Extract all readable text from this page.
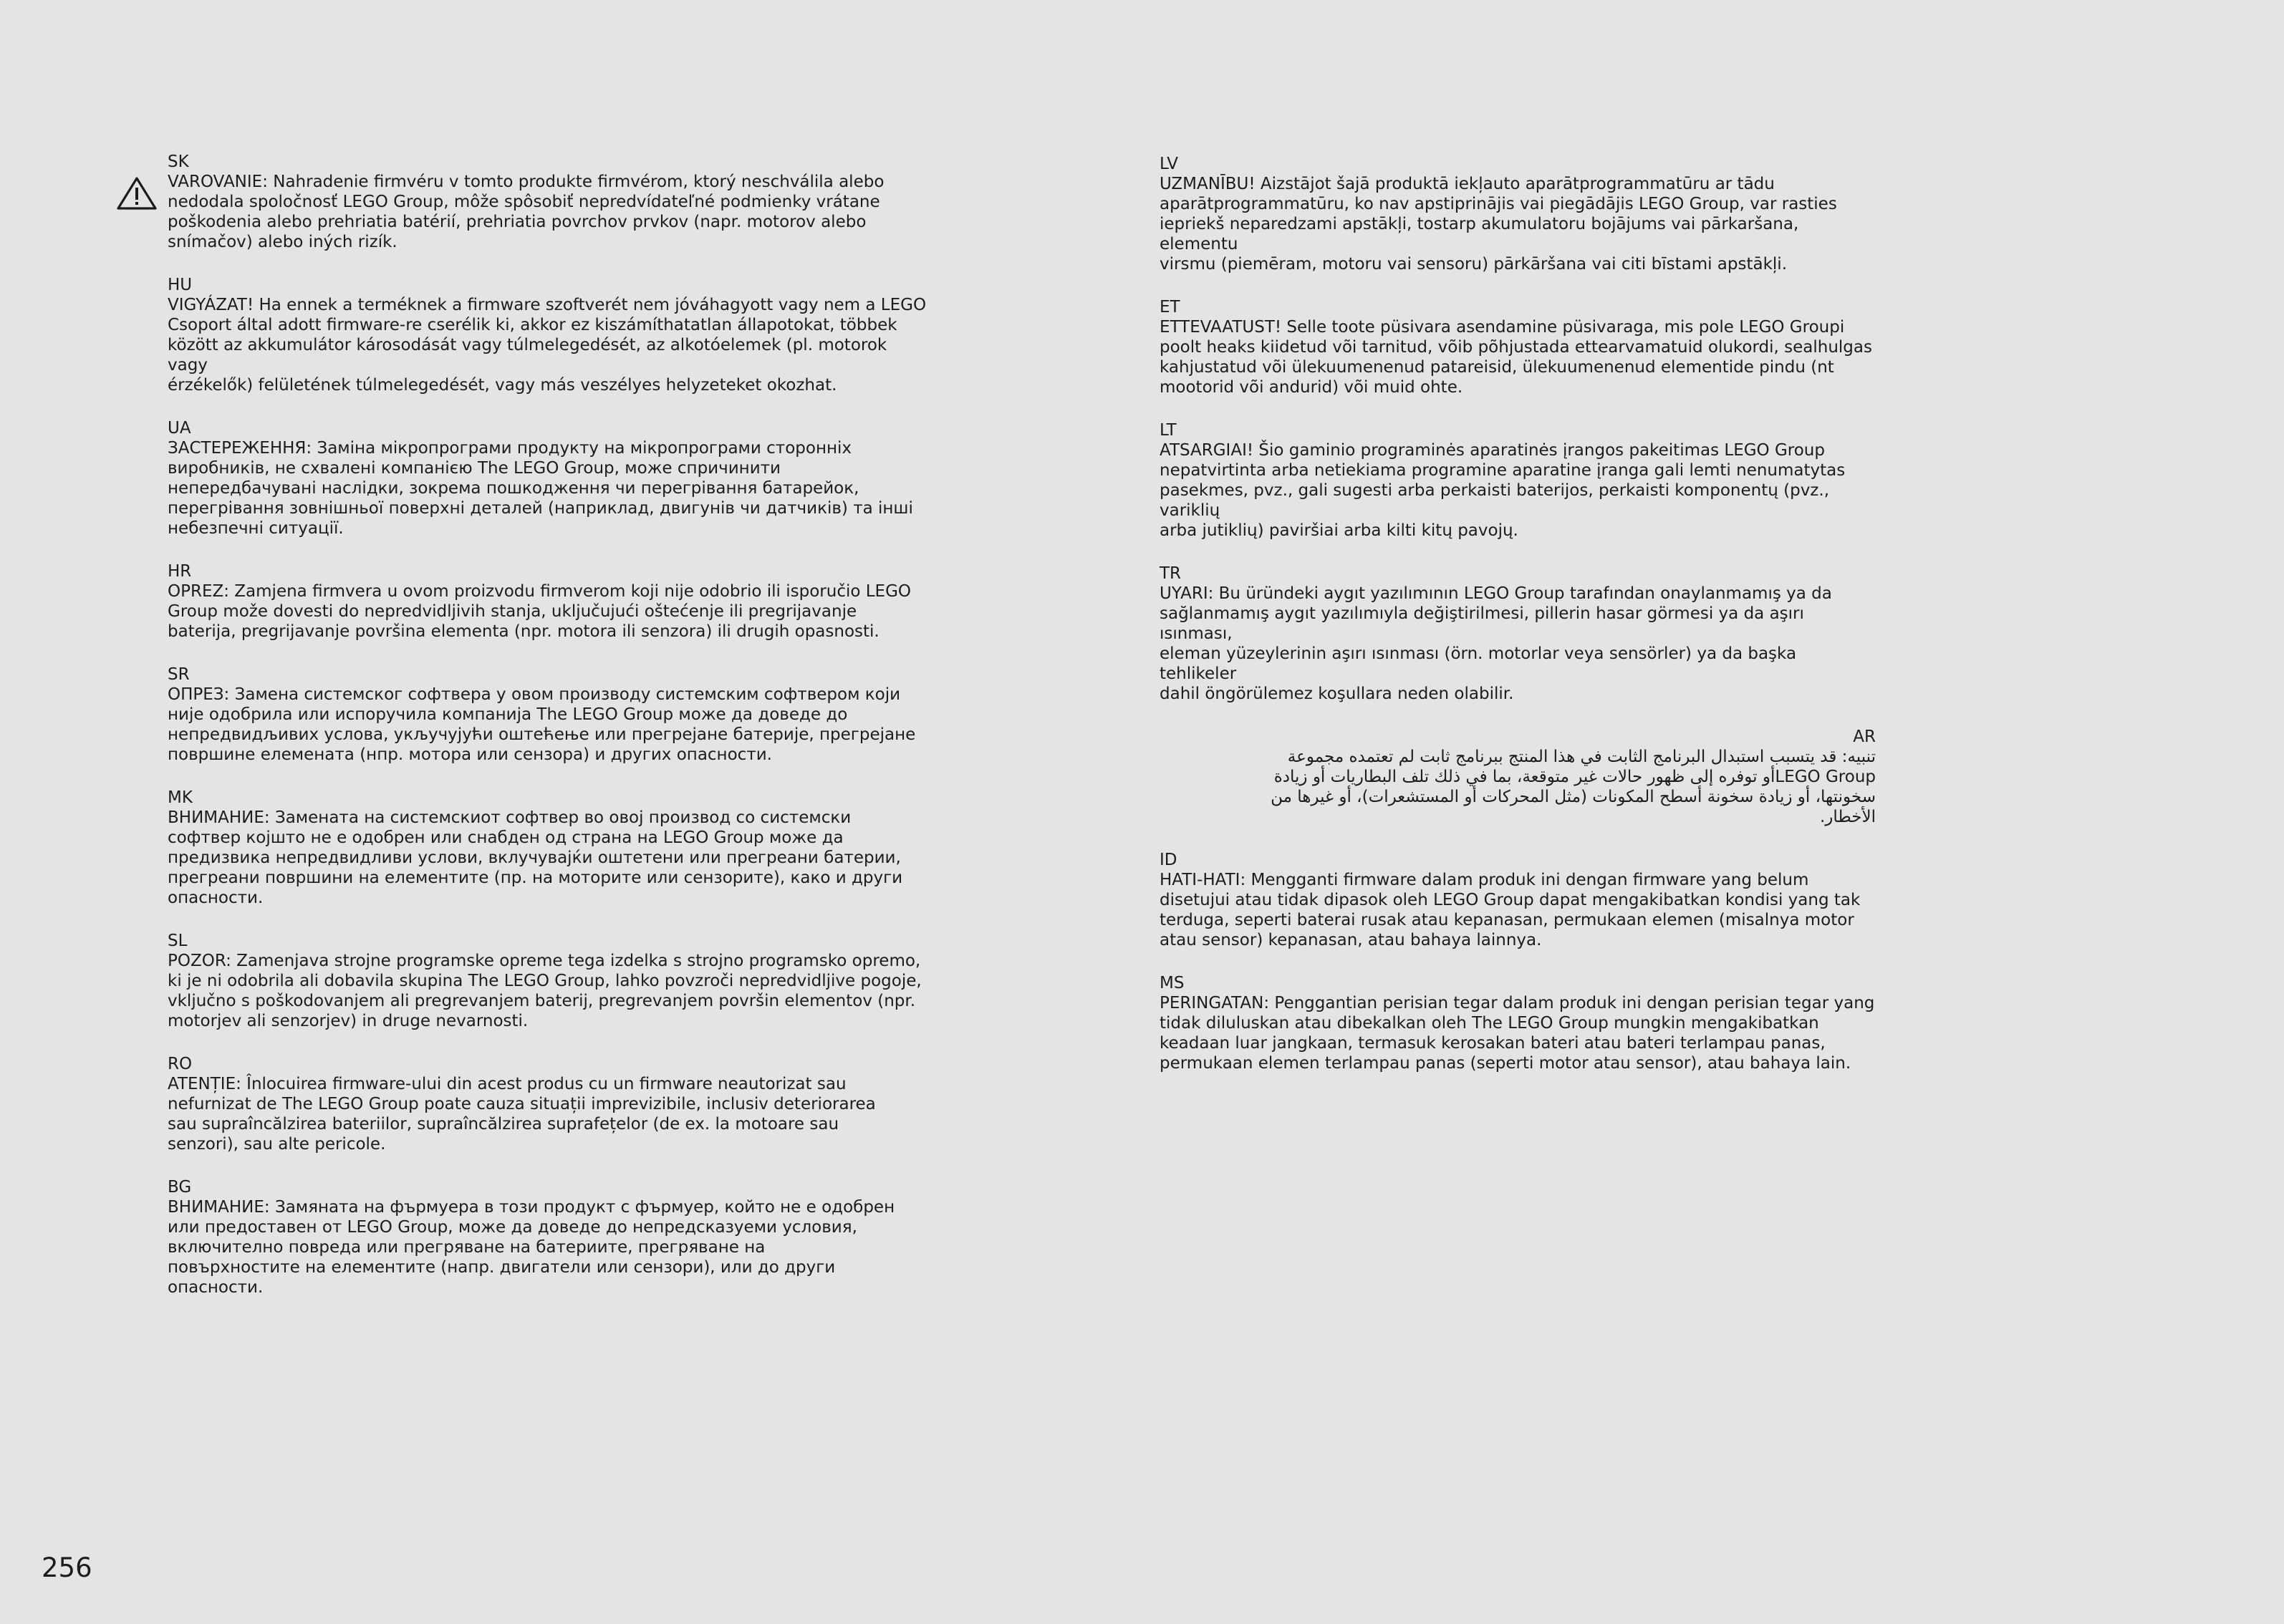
SK
VAROVANIE: Nahradenie firmvéru v tomto produkte firmvérom, ktorý neschválila alebo
nedodala spoločnosť LEGO Group, môže spôsobiť nepredvídateľné podmienky vrátane
poškodenia alebo prehriatia batérií, prehriatia povrchov prvkov (napr. motorov alebo
snímačov) alebo iných rizík.
HU
VIGYÁZAT! Ha ennek a terméknek a firmware szoftverét nem jóváhagyott vagy nem a LEGO
Csoport által adott firmware-re cserélik ki, akkor ez kiszámíthatatlan állapotokat, többek
között az akkumulátor károsodását vagy túlmelegedését, az alkotóelemek (pl. motorok vagy
érzékelők) felületének túlmelegedését, vagy más veszélyes helyzeteket okozhat.
UA
ЗАСТЕРЕЖЕННЯ: Заміна мікропрограми продукту на мікропрограми сторонніх
виробників, не схвалені компанією The LEGO Group, може спричинити
непередбачувані наслідки, зокрема пошкодження чи перегрівання батарейок,
перегрівання зовнішньої поверхні деталей (наприклад, двигунів чи датчиків) та інші
небезпечні ситуації.
HR
OPREZ: Zamjena firmvera u ovom proizvodu firmverom koji nije odobrio ili isporučio LEGO
Group može dovesti do nepredvidljivih stanja, uključujući oštećenje ili pregrijavanje
baterija, pregrijavanje površina elementa (npr. motora ili senzora) ili drugih opasnosti.
SR
ОПРЕЗ: Замена системског софтвера у овом производу системским софтвером који
није одобрила или испоручила компанија The LEGO Group може да доведе до
непредвидљивих услова, укључујући оштећење или прегрејане батерије, прегрејане
површине елемената (нпр. мотора или сензора) и других опасности.
MK
ВНИМАНИЕ: Замената на системскиот софтвер во овој производ со системски
софтвер којшто не е одобрен или снабден од страна на LEGO Group може да
предизвика непредвидливи услови, вклучувајќи оштетени или прегреани батерии,
прегреани површини на елементите (пр. на моторите или сензорите), како и други
опасности.
SL
POZOR: Zamenjava strojne programske opreme tega izdelka s strojno programsko opremo,
ki je ni odobrila ali dobavila skupina The LEGO Group, lahko povzroči nepredvidljive pogoje,
vključno s poškodovanjem ali pregrevanjem baterij, pregrevanjem površin elementov (npr.
motorjev ali senzorjev) in druge nevarnosti.
RO
ATENȚIE: Înlocuirea firmware-ului din acest produs cu un firmware neautorizat sau
nefurnizat de The LEGO Group poate cauza situații imprevizibile, inclusiv deteriorarea
sau supraîncălzirea bateriilor, supraîncălzirea suprafețelor (de ex. la motoare sau
senzori), sau alte pericole.
BG
ВНИМАНИЕ: Замяната на фърмуера в този продукт с фърмуер, който не е одобрен
или предоставен от LEGO Group, може да доведе до непредсказуеми условия,
включително повреда или прегряване на батериите, прегряване на
повърхностите на елементите (напр. двигатели или сензори), или до други
опасности.
LV
UZMANĪBU! Aizstājot šajā produktā iekļauto aparātprogrammatūru ar tādu
aparātprogrammatūru, ko nav apstiprinājis vai piegādājis LEGO Group, var rasties
iepriekš neparedzami apstākļi, tostarp akumulatoru bojājums vai pārkaršana, elementu
virsmu (piemēram, motoru vai sensoru) pārkāršana vai citi bīstami apstākļi.
ET
ETTEVAATUST! Selle toote püsivara asendamine püsivaraga, mis pole LEGO Groupi
poolt heaks kiidetud või tarnitud, võib põhjustada ettearvamatuid olukordi, sealhulgas
kahjustatud või ülekuumenenud patareisid, ülekuumenenud elementide pindu (nt
mootorid või andurid) või muid ohte.
LT
ATSARGIAI! Šio gaminio programinės aparatinės įrangos pakeitimas LEGO Group
nepatvirtinta arba netiekiama programine aparatine įranga gali lemti nenumatytas
pasekmes, pvz., gali sugesti arba perkaisti baterijos, perkaisti komponentų (pvz., variklių
arba jutiklių) paviršiai arba kilti kitų pavojų.
TR
UYARI: Bu üründeki aygıt yazılımının LEGO Group tarafından onaylanmamış ya da
sağlanmamış aygıt yazılımıyla değiştirilmesi, pillerin hasar görmesi ya da aşırı ısınması,
eleman yüzeylerinin aşırı ısınması (örn. motorlar veya sensörler) ya da başka tehlikeler
dahil öngörülemez koşullara neden olabilir.
AR
تنبيه: قد يتسبب استبدال البرنامج الثابت في هذا المنتج ببرنامج ثابت لم تعتمده مجموعة
LEGO Groupأو توفره إلى ظهور حالات غير متوقعة، بما في ذلك تلف البطاريات أو زيادة
سخونتها، أو زيادة سخونة أسطح المكونات (مثل المحركات أو المستشعرات)، أو غيرها من
الأخطار.
ID
HATI-HATI: Mengganti firmware dalam produk ini dengan firmware yang belum
disetujui atau tidak dipasok oleh LEGO Group dapat mengakibatkan kondisi yang tak
terduga, seperti baterai rusak atau kepanasan, permukaan elemen (misalnya motor
atau sensor) kepanasan, atau bahaya lainnya.
MS
PERINGATAN: Penggantian perisian tegar dalam produk ini dengan perisian tegar yang
tidak diluluskan atau dibekalkan oleh The LEGO Group mungkin mengakibatkan
keadaan luar jangkaan, termasuk kerosakan bateri atau bateri terlampau panas,
permukaan elemen terlampau panas (seperti motor atau sensor), atau bahaya lain.
256
